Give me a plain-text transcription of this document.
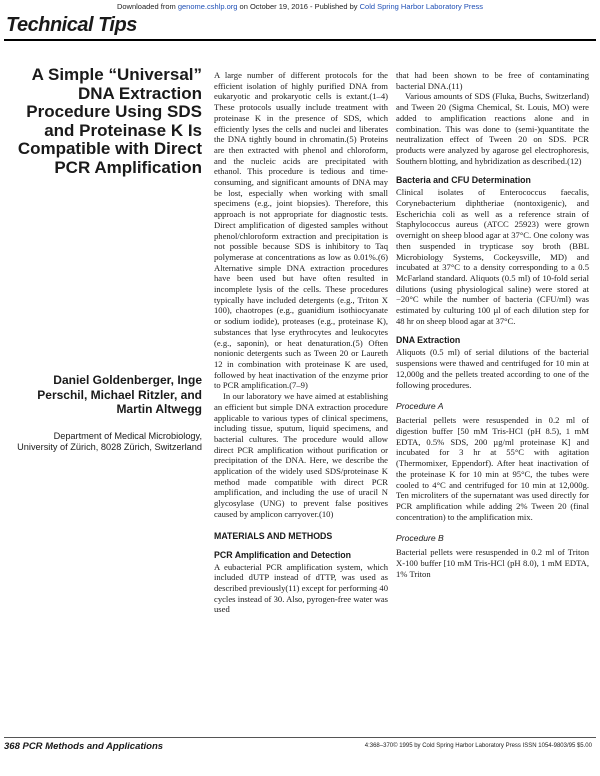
Downloaded from genome.cshlp.org on October 19, 2016 - Published by Cold Spring Harbor Laboratory Press
Technical Tips
A Simple “Universal” DNA Extraction Procedure Using SDS and Proteinase K Is Compatible with Direct PCR Amplification
Daniel Goldenberger, Inge Perschil, Michael Ritzler, and Martin Altwegg
Department of Medical Microbiology, University of Zürich, 8028 Zürich, Switzerland

A large number of different protocols for the efficient isolation of highly purified DNA from eukaryotic and prokaryotic cells is extant.(1–4) These protocols usually include treatment with proteinase K in the presence of SDS, which efficiently lyses the cells and nuclei and liberates the DNA tightly bound in chromatin.(5) Proteins are then extracted with phenol and chloroform, and the nucleic acids are precipitated with ethanol. This procedure is tedious and time-consuming, and significant amounts of DNA may be lost, especially when working with small specimens (e.g., joint biopsies). Therefore, this approach is not appropriate for diagnostic tests. Direct amplification of digested samples without phenol/chloroform extraction and precipitation is not possible because SDS is inhibitory to Taq polymerase at concentrations as low as 0.01%.(6) Alternative simple DNA extraction procedures have been used but have often resulted in incomplete lysis of the cells. These procedures typically have included detergents (e.g., Triton X 100), chaotropes (e.g., guanidium isothiocyanate or sodium iodide), proteases (e.g., proteinase K), substances that lyse erythrocytes and leukocytes (e.g., saponin), or heat denaturation.(5) Often nonionic detergents such as Tween 20 or Laureth 12 in combination with proteinase K are used, followed by heat inactivation of the enzyme prior to PCR amplification.(7–9)

In our laboratory we have aimed at establishing an efficient but simple DNA extraction procedure applicable to various types of clinical specimens, including tissue, sputum, liquid specimens, and bacterial cultures. The procedure would allow direct PCR amplification without purification or precipitation of the DNA. Here, we describe the application of the widely used SDS/proteinase K method made compatible with direct PCR amplification, and including the use of uracil N glycosylase (UNG) to prevent false positives caused by amplicon carryover.(10)

MATERIALS AND METHODS
PCR Amplification and Detection

A eubacterial PCR amplification system, which included dUTP instead of dTTP, was used as described previously(11) except for performing 40 cycles instead of 30. Also, pyrogen-free water was used

that had been shown to be free of contaminating bacterial DNA.(11)

Various amounts of SDS (Fluka, Buchs, Switzerland) and Tween 20 (Sigma Chemical, St. Louis, MO) were added to amplification reactions alone and in combination. This was done to (semi-)quantitate the neutralization effect of Tween 20 on SDS. PCR products were analyzed by agarose gel electrophoresis, Southern blotting, and hybridization as described.(12)

Bacteria and CFU Determination

Clinical isolates of Enterococcus faecalis, Corynebacterium diphtheriae (nontoxigenic), and Escherichia coli as well as a reference strain of Staphylococcus aureus (ATCC 25923) were grown overnight on sheep blood agar at 37°C. One colony was then suspended in trypticase soy broth (BBL Microbiology Systems, Cockeysville, MD) and incubated at 37°C to a density corresponding to a 0.5 McFarland standard. Aliquots (0.5 ml) of 10-fold serial dilutions (using physiological saline) were stored at −20°C while the number of bacteria (CFU/ml) was estimated by culturing 100 µl of each dilution step for 48 hr on sheep blood agar at 37°C.

DNA Extraction

Aliquots (0.5 ml) of serial dilutions of the bacterial suspensions were thawed and centrifuged for 10 min at 12,000g and the pellets treated according to one of the following procedures.

Procedure A

Bacterial pellets were resuspended in 0.2 ml of digestion buffer [50 mM Tris-HCl (pH 8.5), 1 mM EDTA, 0.5% SDS, 200 µg/ml proteinase K] and incubated for 3 hr at 55°C with agitation (Thermomixer, Eppendorf). After heat inactivation of the proteinase K for 10 min at 95°C, the tubes were cooled to 4°C and centrifuged for 10 min at 12,000g. Ten microliters of the supernatant was used directly for PCR amplification while adding 2% Tween 20 (final concentration) to the amplification mix.

Procedure B

Bacterial pellets were resuspended in 0.2 ml of Triton X-100 buffer [10 mM Tris-HCl (pH 8.0), 1 mM EDTA, 1% Triton

368 PCR Methods and Applications	4:368–370© 1995 by Cold Spring Harbor Laboratory Press ISSN 1054-9803/95 $5.00
